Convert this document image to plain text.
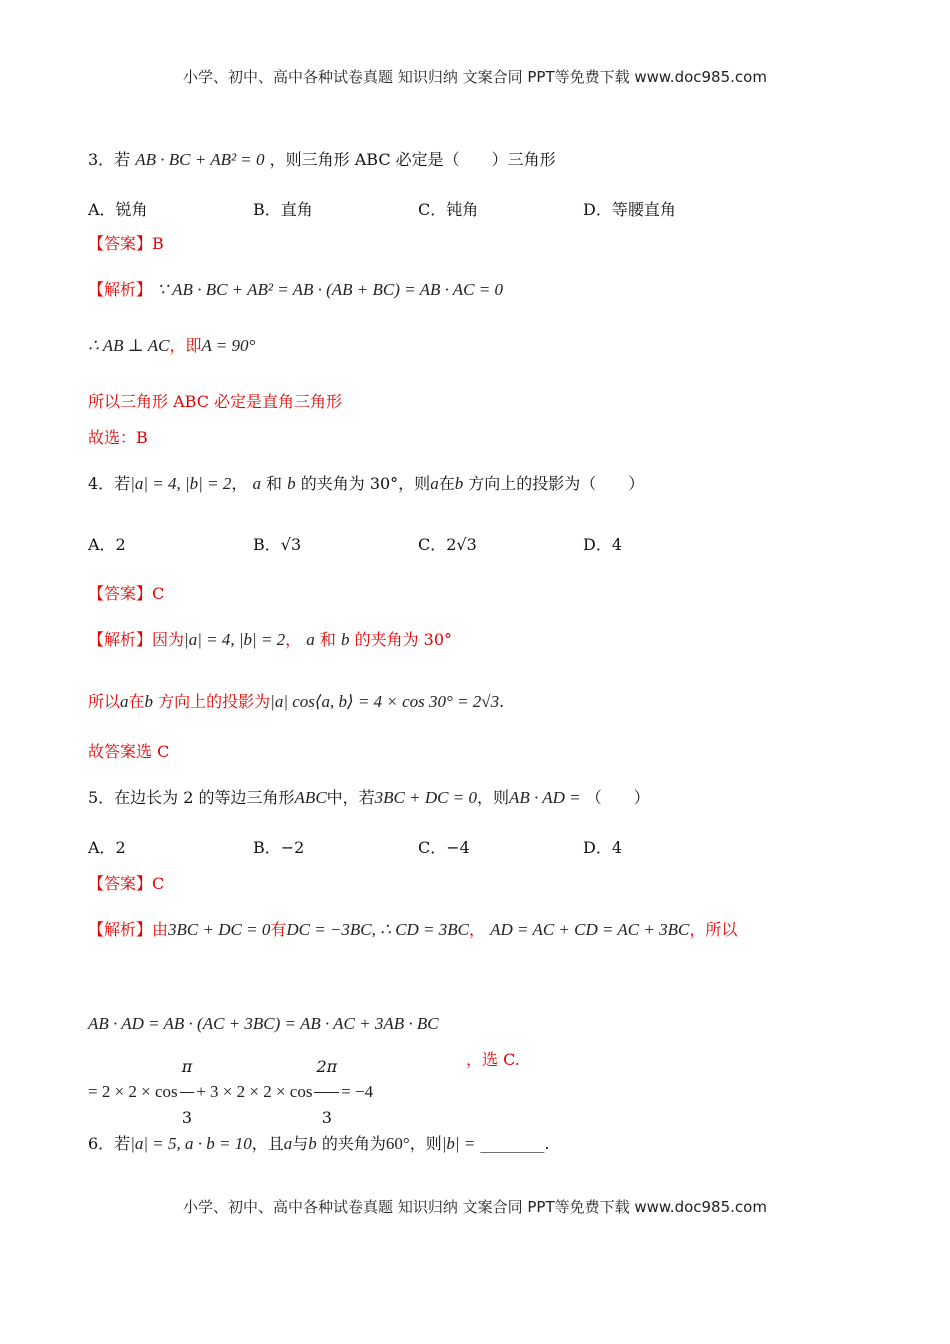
小学、初中、高中各种试卷真题 知识归纳 文案合同 PPT等免费下载 www.doc985.com
3．若 AB · BC + AB² = 0 ，则三角形 ABC 必定是（　　）三角形
A．锐角	B．直角	C．钝角	D．等腰直角
【答案】B
【解析】 ∵ AB · BC + AB² = AB · (AB + BC) = AB · AC = 0
∴ AB ⊥ AC，即A = 90°
所以三角形 ABC 必定是直角三角形
故选：B
4．若|a| = 4, |b| = 2， a 和 b 的夹角为 30°，则a在b 方向上的投影为（　　）
A．2	B．√3	C．2√3	D．4
【答案】C
【解析】因为|a| = 4, |b| = 2， a 和 b 的夹角为 30°
所以a在b 方向上的投影为|a| cos⟨a, b⟩ = 4 × cos 30° = 2√3.
故答案选 C
5．在边长为 2 的等边三角形ABC中，若3BC + DC = 0，则AB · AD = （　　）
A．2	B．−2	C．−4	D．4
【答案】C
【解析】由3BC + DC = 0有DC = −3BC, ∴ CD = 3BC， AD = AC + CD = AC + 3BC，所以
AB · AD = AB · (AC + 3BC) = AB · AC + 3AB · BC
= $2 \times 2 \times \cos \frac{\pi}{3} + 3 \times 2 \times 2 \times \cos \frac{2\pi}{3} = -4$
，选 C.
6．若|a| = 5, a · b = 10，且a与b 的夹角为60°，则|b| = ________.
小学、初中、高中各种试卷真题 知识归纳 文案合同 PPT等免费下载 www.doc985.com
